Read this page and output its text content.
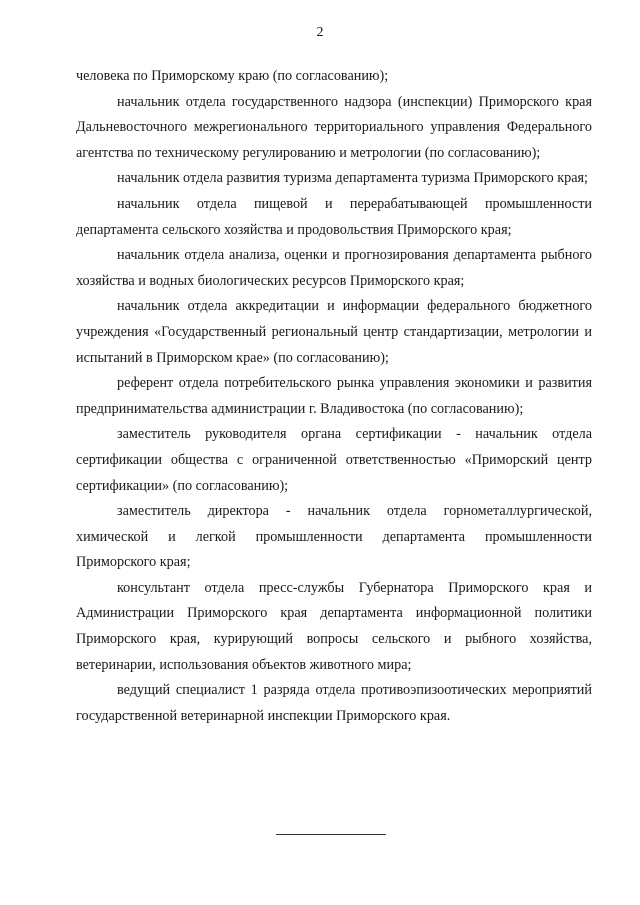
2

человека по Приморскому краю (по согласованию);

начальник отдела государственного надзора (инспекции) Приморского края Дальневосточного межрегионального территориального управления Федерального агентства по техническому регулированию и метрологии (по согласованию);

начальник отдела развития туризма департамента туризма Приморского края;

начальник отдела пищевой и перерабатывающей промышленности департамента сельского хозяйства и продовольствия Приморского края;

начальник отдела анализа, оценки и прогнозирования департамента рыбного хозяйства и водных биологических ресурсов Приморского края;

начальник отдела аккредитации и информации федерального бюджетного учреждения «Государственный региональный центр стандартизации, метрологии и испытаний в Приморском крае» (по согласованию);

референт отдела потребительского рынка управления экономики и развития предпринимательства администрации г. Владивостока (по согласованию);

заместитель руководителя органа сертификации - начальник отдела сертификации общества с ограниченной ответственностью «Приморский центр сертификации» (по согласованию);

заместитель директора - начальник отдела горнометаллургической, химической и легкой промышленности департамента промышленности Приморского края;

консультант отдела пресс-службы Губернатора Приморского края и Администрации Приморского края департамента информационной политики Приморского края, курирующий вопросы сельского и рыбного хозяйства, ветеринарии, использования объектов животного мира;

ведущий специалист 1 разряда отдела противоэпизоотических мероприятий государственной ветеринарной инспекции Приморского края.
